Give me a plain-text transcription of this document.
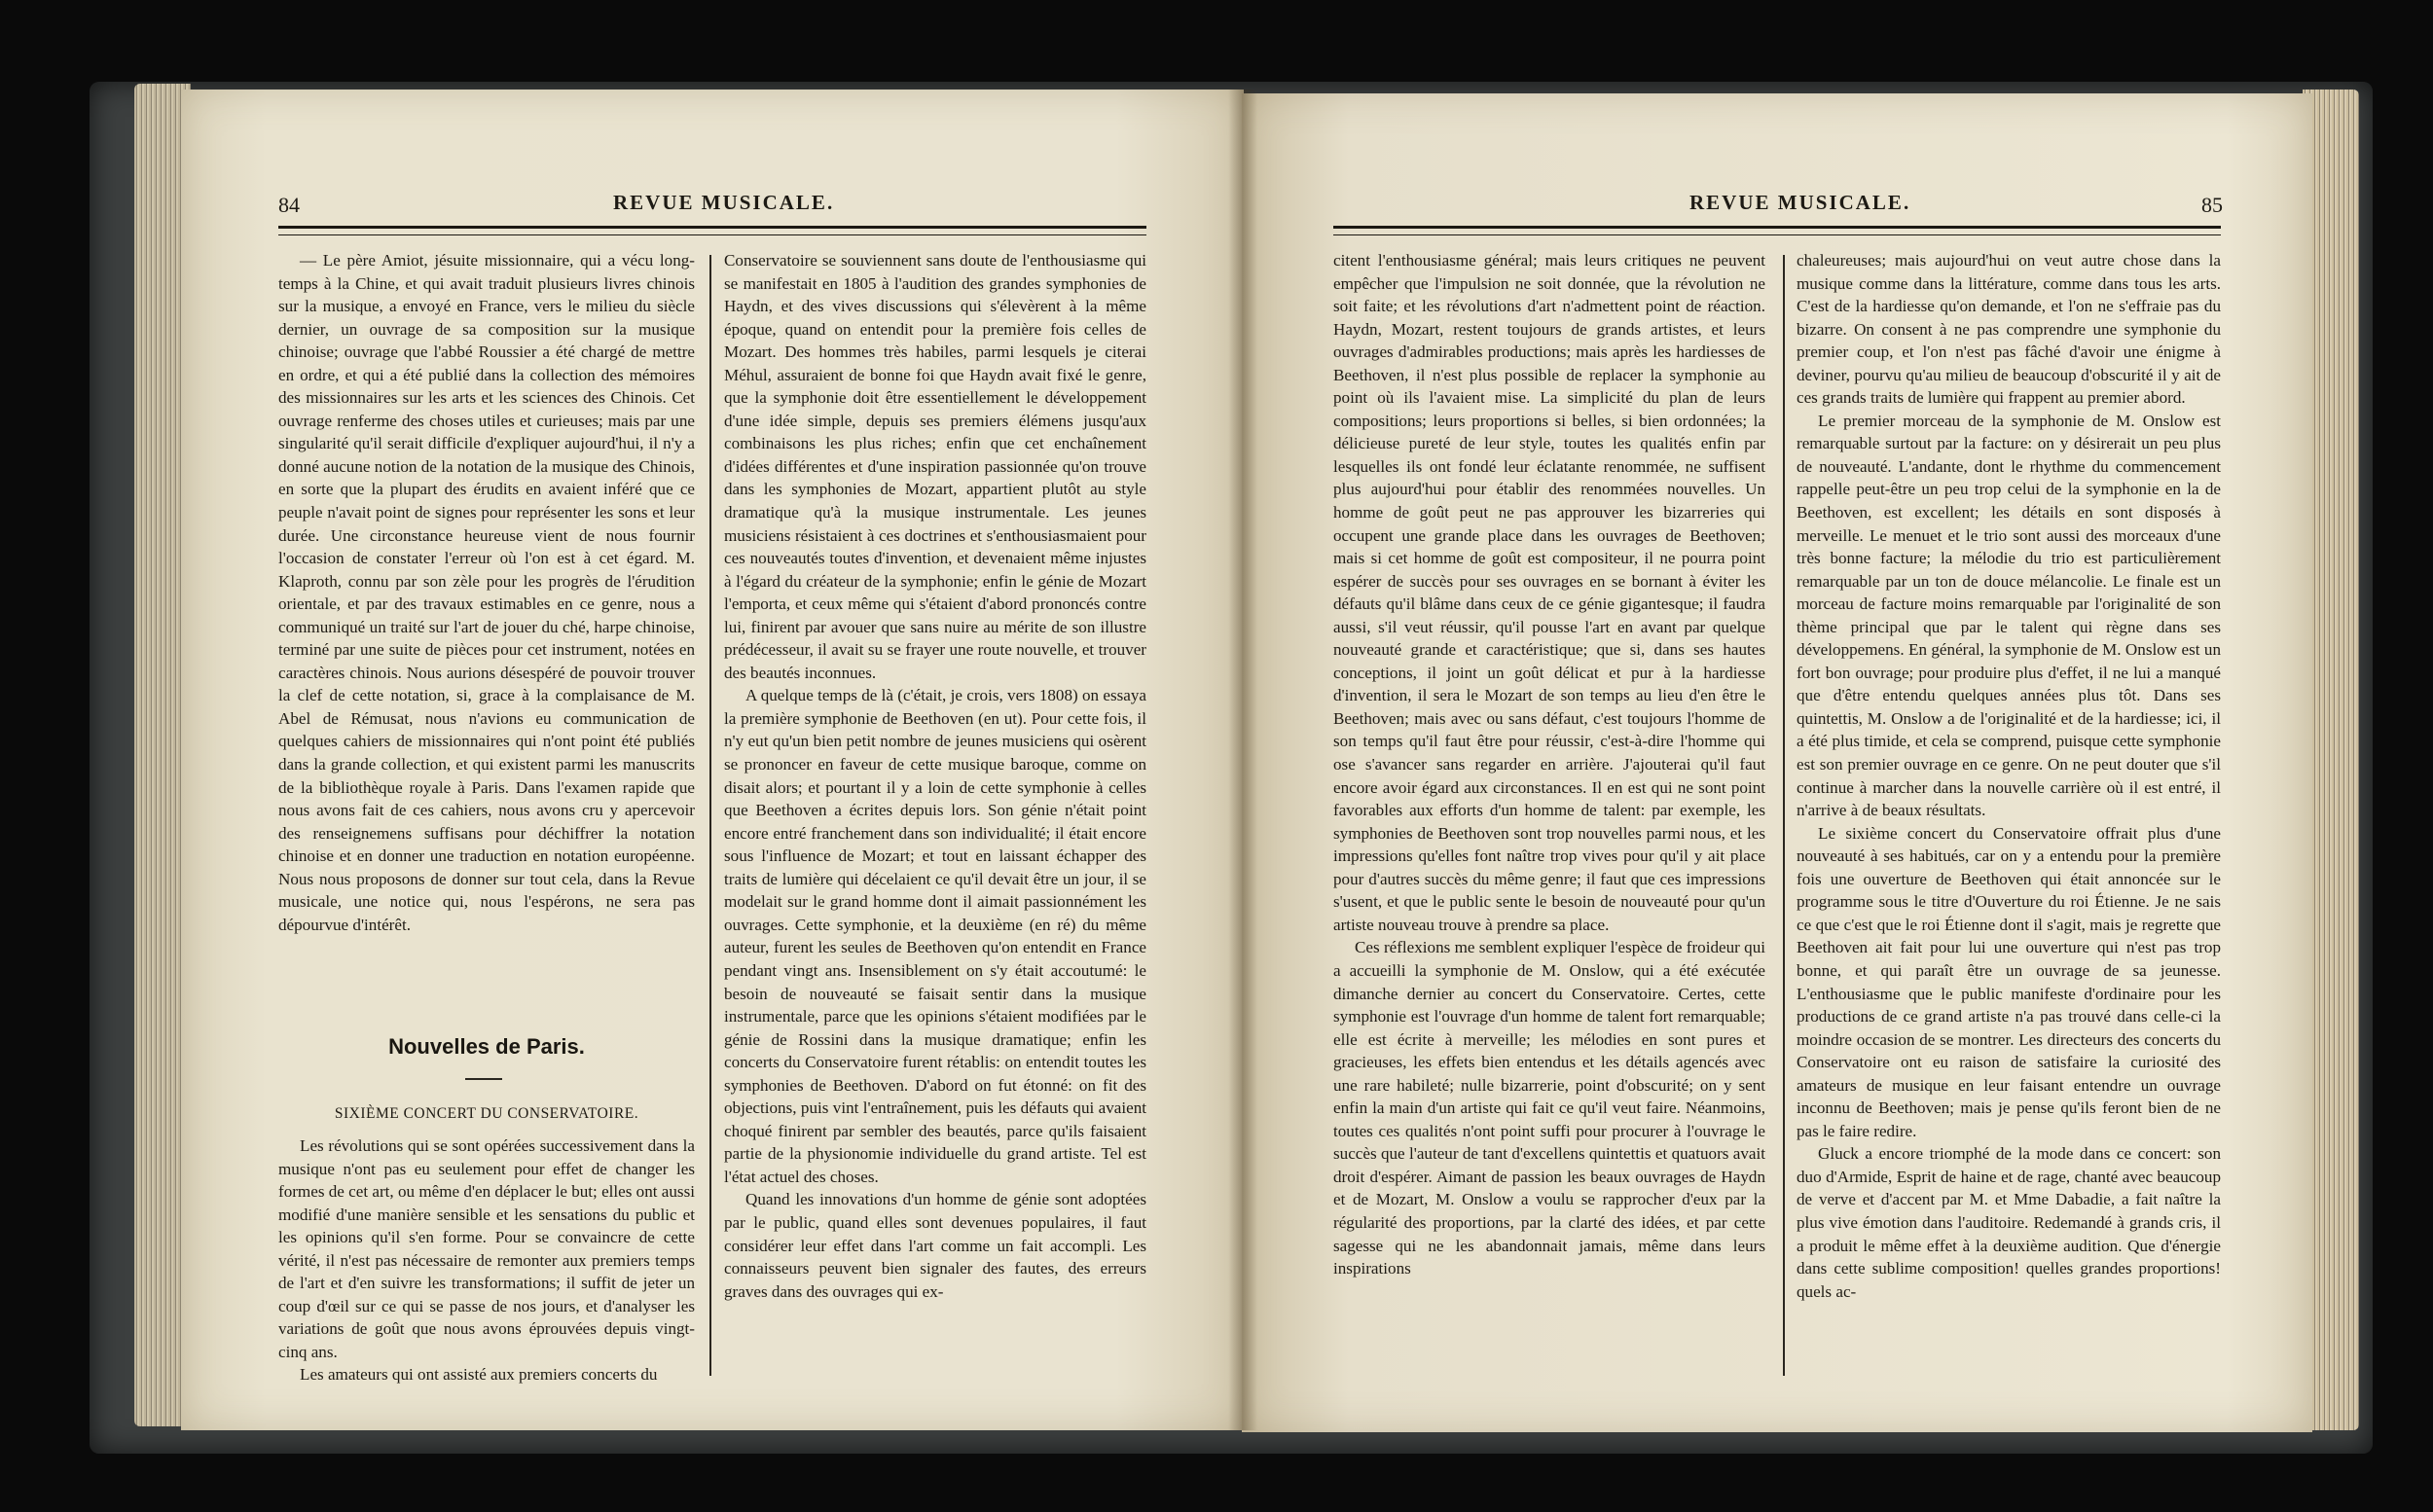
84	REVUE MUSICALE.

— Le père Amiot, jésuite missionnaire, qui a vécu long-temps à la Chine, et qui avait traduit plusieurs livres chinois sur la musique, a envoyé en France, vers le milieu du siècle dernier, un ouvrage de sa composition sur la musique chinoise; ouvrage que l'abbé Roussier a été chargé de mettre en ordre, et qui a été publié dans la collection des mémoires des missionnaires sur les arts et les sciences des Chinois. Cet ouvrage renferme des choses utiles et curieuses; mais par une singularité qu'il serait difficile d'expliquer aujourd'hui, il n'y a donné aucune notion de la notation de la musique des Chinois, en sorte que la plupart des érudits en avaient inféré que ce peuple n'avait point de signes pour représenter les sons et leur durée. Une circonstance heureuse vient de nous fournir l'occasion de constater l'erreur où l'on est à cet égard. M. Klaproth, connu par son zèle pour les progrès de l'érudition orientale, et par des travaux estimables en ce genre, nous a communiqué un traité sur l'art de jouer du ché, harpe chinoise, terminé par une suite de pièces pour cet instrument, notées en caractères chinois. Nous aurions désespéré de pouvoir trouver la clef de cette notation, si, grace à la complaisance de M. Abel de Rémusat, nous n'avions eu communication de quelques cahiers de missionnaires qui n'ont point été publiés dans la grande collection, et qui existent parmi les manuscrits de la bibliothèque royale à Paris. Dans l'examen rapide que nous avons fait de ces cahiers, nous avons cru y apercevoir des renseignemens suffisans pour déchiffrer la notation chinoise et en donner une traduction en notation européenne. Nous nous proposons de donner sur tout cela, dans la Revue musicale, une notice qui, nous l'espérons, ne sera pas dépourvue d'intérêt.

Nouvelles de Paris.
SIXIÈME CONCERT DU CONSERVATOIRE.

Les révolutions qui se sont opérées successivement dans la musique n'ont pas eu seulement pour effet de changer les formes de cet art, ou même d'en déplacer le but; elles ont aussi modifié d'une manière sensible et les sensations du public et les opinions qu'il s'en forme. Pour se convaincre de cette vérité, il n'est pas nécessaire de remonter aux premiers temps de l'art et d'en suivre les transformations; il suffit de jeter un coup d'œil sur ce qui se passe de nos jours, et d'analyser les variations de goût que nous avons éprouvées depuis vingt-cinq ans.

Les amateurs qui ont assisté aux premiers concerts du

Conservatoire se souviennent sans doute de l'enthousiasme qui se manifestait en 1805 à l'audition des grandes symphonies de Haydn, et des vives discussions qui s'élevèrent à la même époque, quand on entendit pour la première fois celles de Mozart. Des hommes très habiles, parmi lesquels je citerai Méhul, assuraient de bonne foi que Haydn avait fixé le genre, que la symphonie doit être essentiellement le développement d'une idée simple, depuis ses premiers élémens jusqu'aux combinaisons les plus riches; enfin que cet enchaînement d'idées différentes et d'une inspiration passionnée qu'on trouve dans les symphonies de Mozart, appartient plutôt au style dramatique qu'à la musique instrumentale. Les jeunes musiciens résistaient à ces doctrines et s'enthousiasmaient pour ces nouveautés toutes d'invention, et devenaient même injustes à l'égard du créateur de la symphonie; enfin le génie de Mozart l'emporta, et ceux même qui s'étaient d'abord prononcés contre lui, finirent par avouer que sans nuire au mérite de son illustre prédécesseur, il avait su se frayer une route nouvelle, et trouver des beautés inconnues.

A quelque temps de là (c'était, je crois, vers 1808) on essaya la première symphonie de Beethoven (en ut). Pour cette fois, il n'y eut qu'un bien petit nombre de jeunes musiciens qui osèrent se prononcer en faveur de cette musique baroque, comme on disait alors; et pourtant il y a loin de cette symphonie à celles que Beethoven a écrites depuis lors. Son génie n'était point encore entré franchement dans son individualité; il était encore sous l'influence de Mozart; et tout en laissant échapper des traits de lumière qui décelaient ce qu'il devait être un jour, il se modelait sur le grand homme dont il aimait passionnément les ouvrages. Cette symphonie, et la deuxième (en ré) du même auteur, furent les seules de Beethoven qu'on entendit en France pendant vingt ans. Insensiblement on s'y était accoutumé: le besoin de nouveauté se faisait sentir dans la musique instrumentale, parce que les opinions s'étaient modifiées par le génie de Rossini dans la musique dramatique; enfin les concerts du Conservatoire furent rétablis: on entendit toutes les symphonies de Beethoven. D'abord on fut étonné: on fit des objections, puis vint l'entraînement, puis les défauts qui avaient choqué finirent par sembler des beautés, parce qu'ils faisaient partie de la physionomie individuelle du grand artiste. Tel est l'état actuel des choses.

Quand les innovations d'un homme de génie sont adoptées par le public, quand elles sont devenues populaires, il faut considérer leur effet dans l'art comme un fait accompli. Les connaisseurs peuvent bien signaler des fautes, des erreurs graves dans des ouvrages qui ex-

REVUE MUSICALE.	85

citent l'enthousiasme général; mais leurs critiques ne peuvent empêcher que l'impulsion ne soit donnée, que la révolution ne soit faite; et les révolutions d'art n'admettent point de réaction. Haydn, Mozart, restent toujours de grands artistes, et leurs ouvrages d'admirables productions; mais après les hardiesses de Beethoven, il n'est plus possible de replacer la symphonie au point où ils l'avaient mise. La simplicité du plan de leurs compositions; leurs proportions si belles, si bien ordonnées; la délicieuse pureté de leur style, toutes les qualités enfin par lesquelles ils ont fondé leur éclatante renommée, ne suffisent plus aujourd'hui pour établir des renommées nouvelles. Un homme de goût peut ne pas approuver les bizarreries qui occupent une grande place dans les ouvrages de Beethoven; mais si cet homme de goût est compositeur, il ne pourra point espérer de succès pour ses ouvrages en se bornant à éviter les défauts qu'il blâme dans ceux de ce génie gigantesque; il faudra aussi, s'il veut réussir, qu'il pousse l'art en avant par quelque nouveauté grande et caractéristique; que si, dans ses hautes conceptions, il joint un goût délicat et pur à la hardiesse d'invention, il sera le Mozart de son temps au lieu d'en être le Beethoven; mais avec ou sans défaut, c'est toujours l'homme de son temps qu'il faut être pour réussir, c'est-à-dire l'homme qui ose s'avancer sans regarder en arrière. J'ajouterai qu'il faut encore avoir égard aux circonstances. Il en est qui ne sont point favorables aux efforts d'un homme de talent: par exemple, les symphonies de Beethoven sont trop nouvelles parmi nous, et les impressions qu'elles font naître trop vives pour qu'il y ait place pour d'autres succès du même genre; il faut que ces impressions s'usent, et que le public sente le besoin de nouveauté pour qu'un artiste nouveau trouve à prendre sa place.

Ces réflexions me semblent expliquer l'espèce de froideur qui a accueilli la symphonie de M. Onslow, qui a été exécutée dimanche dernier au concert du Conservatoire. Certes, cette symphonie est l'ouvrage d'un homme de talent fort remarquable; elle est écrite à merveille; les mélodies en sont pures et gracieuses, les effets bien entendus et les détails agencés avec une rare habileté; nulle bizarrerie, point d'obscurité; on y sent enfin la main d'un artiste qui fait ce qu'il veut faire. Néanmoins, toutes ces qualités n'ont point suffi pour procurer à l'ouvrage le succès que l'auteur de tant d'excellens quintettis et quatuors avait droit d'espérer. Aimant de passion les beaux ouvrages de Haydn et de Mozart, M. Onslow a voulu se rapprocher d'eux par la régularité des proportions, par la clarté des idées, et par cette sagesse qui ne les abandonnait jamais, même dans leurs inspirations

chaleureuses; mais aujourd'hui on veut autre chose dans la musique comme dans la littérature, comme dans tous les arts. C'est de la hardiesse qu'on demande, et l'on ne s'effraie pas du bizarre. On consent à ne pas comprendre une symphonie du premier coup, et l'on n'est pas fâché d'avoir une énigme à deviner, pourvu qu'au milieu de beaucoup d'obscurité il y ait de ces grands traits de lumière qui frappent au premier abord.

Le premier morceau de la symphonie de M. Onslow est remarquable surtout par la facture: on y désirerait un peu plus de nouveauté. L'andante, dont le rhythme du commencement rappelle peut-être un peu trop celui de la symphonie en la de Beethoven, est excellent; les détails en sont disposés à merveille. Le menuet et le trio sont aussi des morceaux d'une très bonne facture; la mélodie du trio est particulièrement remarquable par un ton de douce mélancolie. Le finale est un morceau de facture moins remarquable par l'originalité de son thème principal que par le talent qui règne dans ses développemens. En général, la symphonie de M. Onslow est un fort bon ouvrage; pour produire plus d'effet, il ne lui a manqué que d'être entendu quelques années plus tôt. Dans ses quintettis, M. Onslow a de l'originalité et de la hardiesse; ici, il a été plus timide, et cela se comprend, puisque cette symphonie est son premier ouvrage en ce genre. On ne peut douter que s'il continue à marcher dans la nouvelle carrière où il est entré, il n'arrive à de beaux résultats.

Le sixième concert du Conservatoire offrait plus d'une nouveauté à ses habitués, car on y a entendu pour la première fois une ouverture de Beethoven qui était annoncée sur le programme sous le titre d'Ouverture du roi Étienne. Je ne sais ce que c'est que le roi Étienne dont il s'agit, mais je regrette que Beethoven ait fait pour lui une ouverture qui n'est pas trop bonne, et qui paraît être un ouvrage de sa jeunesse. L'enthousiasme que le public manifeste d'ordinaire pour les productions de ce grand artiste n'a pas trouvé dans celle-ci la moindre occasion de se montrer. Les directeurs des concerts du Conservatoire ont eu raison de satisfaire la curiosité des amateurs de musique en leur faisant entendre un ouvrage inconnu de Beethoven; mais je pense qu'ils feront bien de ne pas le faire redire.

Gluck a encore triomphé de la mode dans ce concert: son duo d'Armide, Esprit de haine et de rage, chanté avec beaucoup de verve et d'accent par M. et Mme Dabadie, a fait naître la plus vive émotion dans l'auditoire. Redemandé à grands cris, il a produit le même effet à la deuxième audition. Que d'énergie dans cette sublime composition! quelles grandes proportions! quels ac-
